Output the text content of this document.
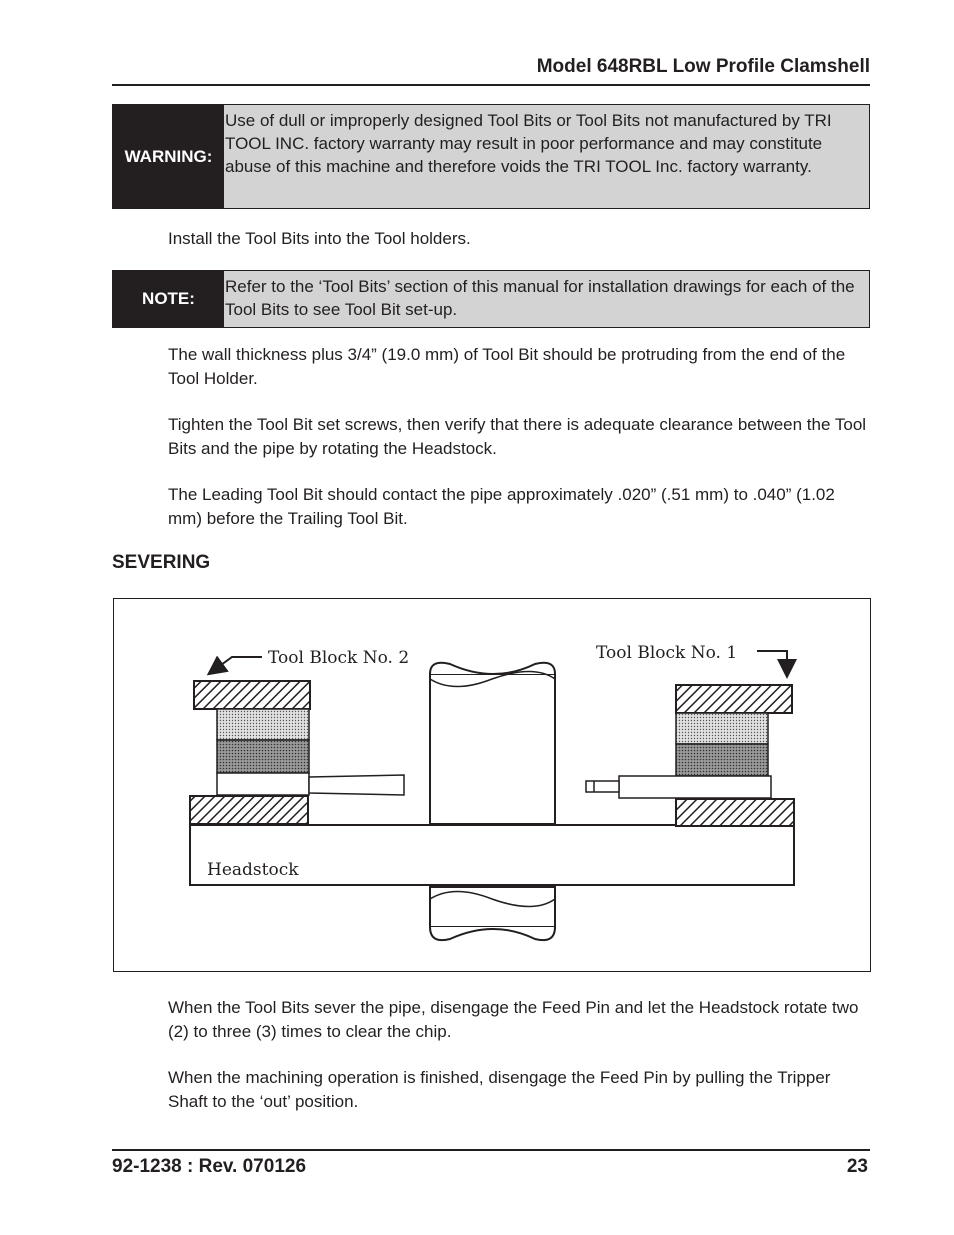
Model 648RBL Low Profile Clamshell
WARNING:
Use of dull or improperly designed Tool Bits or Tool Bits not manufactured by TRI TOOL INC. factory warranty may result in poor performance and may constitute abuse of this machine and therefore voids the TRI TOOL Inc. factory warranty.

Install the Tool Bits into the Tool holders.

NOTE:
Refer to the ‘Tool Bits’ section of this manual for installation drawings for each of the Tool Bits to see Tool Bit set-up.

The wall thickness plus 3/4” (19.0 mm) of Tool Bit should be protruding from the end of the Tool Holder.

Tighten the Tool Bit set screws, then verify that there is adequate clearance between the Tool Bits and the pipe by rotating the Headstock.

The Leading Tool Bit should contact the pipe approximately .020” (.51 mm) to .040” (1.02 mm) before the Trailing Tool Bit.

SEVERING
Tool Block No. 2	Tool Block No. 1
Headstock

When the Tool Bits sever the pipe, disengage the Feed Pin and let the Headstock rotate two (2) to three (3) times to clear the chip.

When the machining operation is finished, disengage the Feed Pin by pulling the Tripper Shaft to the ‘out’ position.

92-1238 : Rev. 070126	23
